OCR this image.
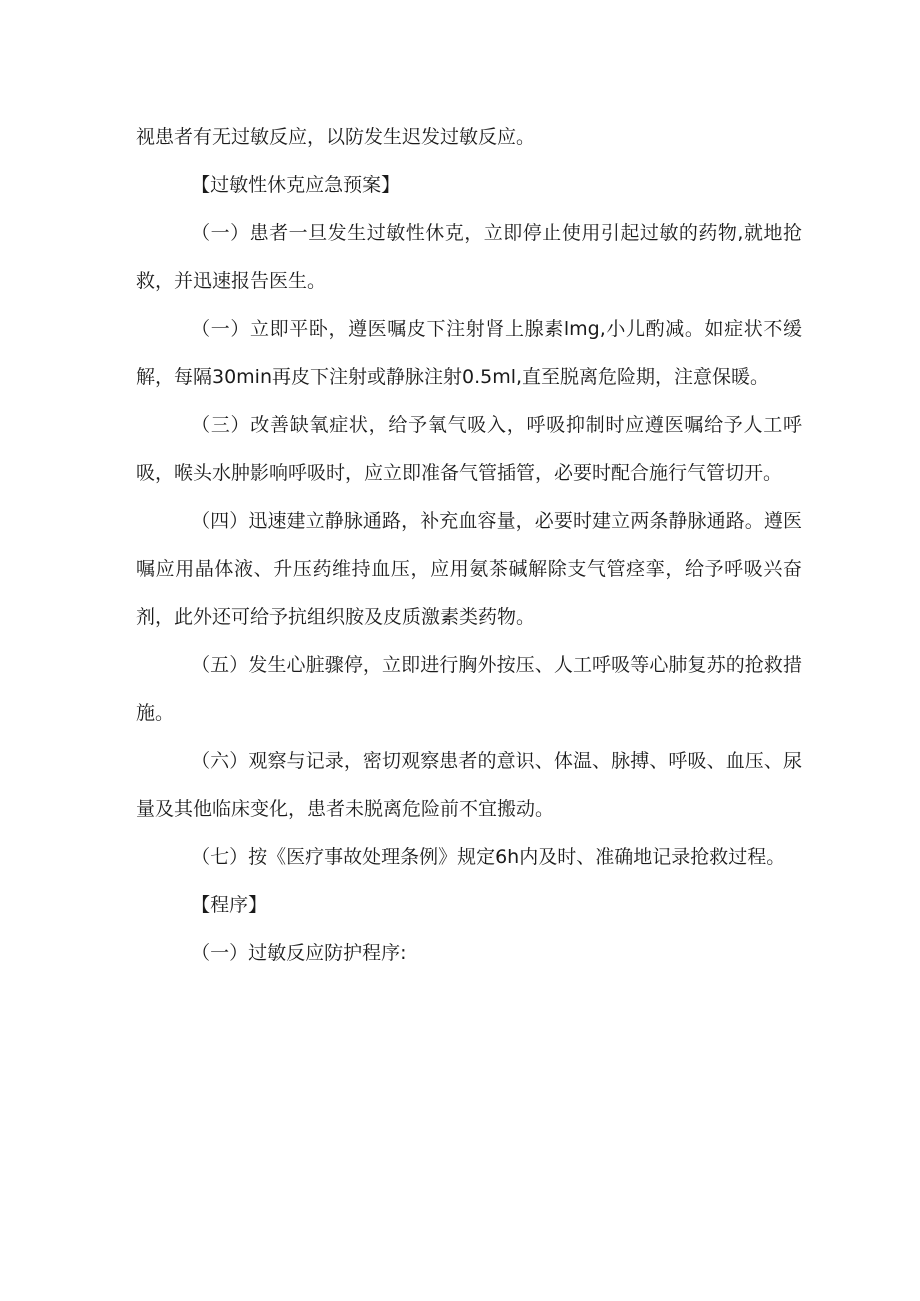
视患者有无过敏反应，以防发生迟发过敏反应。

【过敏性休克应急预案】

（一）患者一旦发生过敏性休克，立即停止使用引起过敏的药物,就地抢救，并迅速报告医生。

（一）立即平卧，遵医嘱皮下注射肾上腺素lmg,小儿酌减。如症状不缓解，每隔30min再皮下注射或静脉注射0.5ml,直至脱离危险期，注意保暖。

（三）改善缺氧症状，给予氧气吸入，呼吸抑制时应遵医嘱给予人工呼吸，喉头水肿影响呼吸时，应立即准备气管插管，必要时配合施行气管切开。

（四）迅速建立静脉通路，补充血容量，必要时建立两条静脉通路。遵医嘱应用晶体液、升压药维持血压，应用氨茶碱解除支气管痉挛，给予呼吸兴奋剂，此外还可给予抗组织胺及皮质激素类药物。

（五）发生心脏骤停，立即进行胸外按压、人工呼吸等心肺复苏的抢救措施。

（六）观察与记录，密切观察患者的意识、体温、脉搏、呼吸、血压、尿量及其他临床变化，患者未脱离危险前不宜搬动。

（七）按《医疗事故处理条例》规定6h内及时、准确地记录抢救过程。

【程序】

（一）过敏反应防护程序:
